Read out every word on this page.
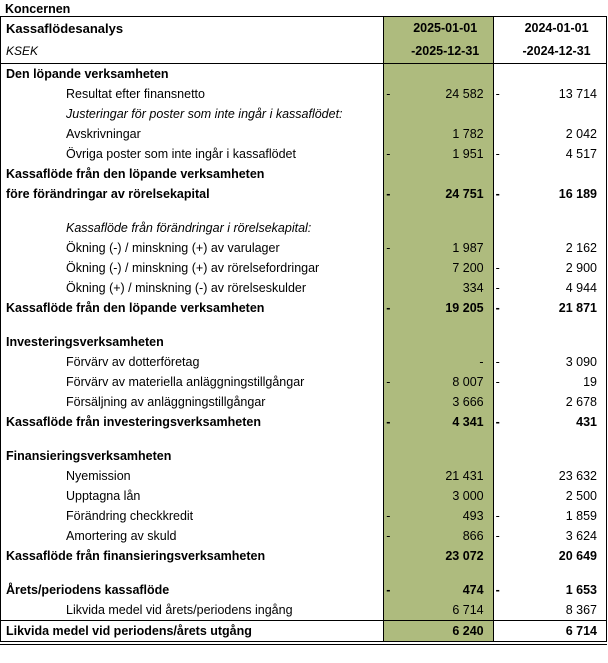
Koncernen
Kassaflödesanalys		2025-01-01		2024-01-01
KSEK		-2025-12-31		-2024-12-31
Den löpande verksamheten				
Resultat efter finansnetto	-	24 582	-	13 714
Justeringar för poster som inte ingår i kassaflödet:				
Avskrivningar		1 782		2 042
Övriga poster som inte ingår i kassaflödet	-	1 951	-	4 517
Kassaflöde från den löpande verksamheten				
före förändringar av rörelsekapital	-	24 751	-	16 189

Kassaflöde från förändringar i rörelsekapital:				
Ökning (-) / minskning (+) av varulager	-	1 987		2 162
Ökning (-) / minskning (+) av rörelsefordringar		7 200	-	2 900
Ökning (+) / minskning (-) av rörelseskulder		334	-	4 944
Kassaflöde från den löpande verksamheten	-	19 205	-	21 871

Investeringsverksamheten				
Förvärv av dotterföretag		-	-	3 090
Förvärv av materiella anläggningstillgångar	-	8 007	-	19
Försäljning av anläggningstillgångar		3 666		2 678
Kassaflöde från investeringsverksamheten	-	4 341	-	431

Finansieringsverksamheten				
Nyemission		21 431		23 632
Upptagna lån		3 000		2 500
Förändring checkkredit	-	493	-	1 859
Amortering av skuld	-	866	-	3 624
Kassaflöde från finansieringsverksamheten		23 072		20 649

Årets/periodens kassaflöde	-	474	-	1 653
Likvida medel vid årets/periodens ingång		6 714		8 367
Likvida medel vid periodens/årets utgång		6 240		6 714
